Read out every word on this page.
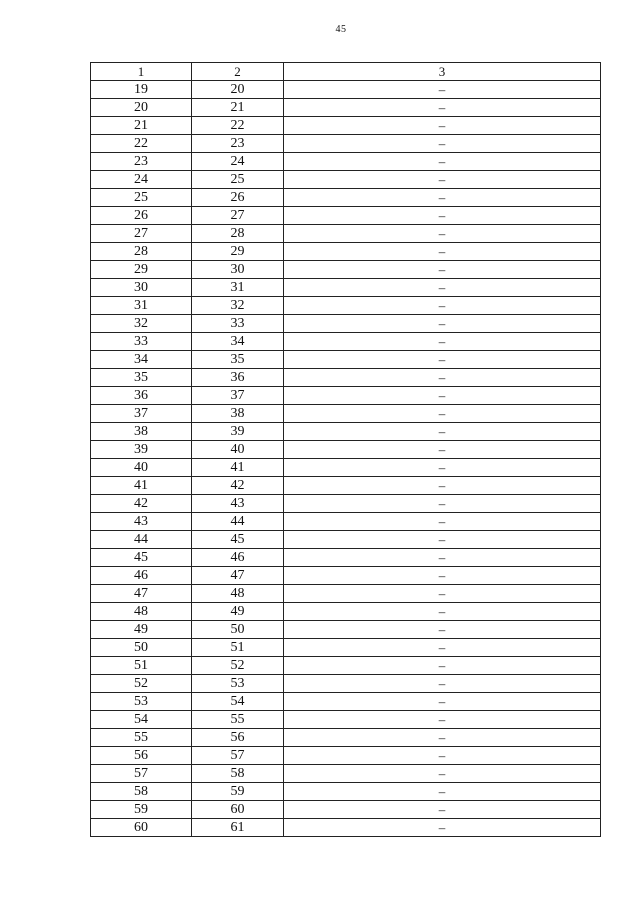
45
1	2	3
19	20	–
20	21	–
21	22	–
22	23	–
23	24	–
24	25	–
25	26	–
26	27	–
27	28	–
28	29	–
29	30	–
30	31	–
31	32	–
32	33	–
33	34	–
34	35	–
35	36	–
36	37	–
37	38	–
38	39	–
39	40	–
40	41	–
41	42	–
42	43	–
43	44	–
44	45	–
45	46	–
46	47	–
47	48	–
48	49	–
49	50	–
50	51	–
51	52	–
52	53	–
53	54	–
54	55	–
55	56	–
56	57	–
57	58	–
58	59	–
59	60	–
60	61	–
